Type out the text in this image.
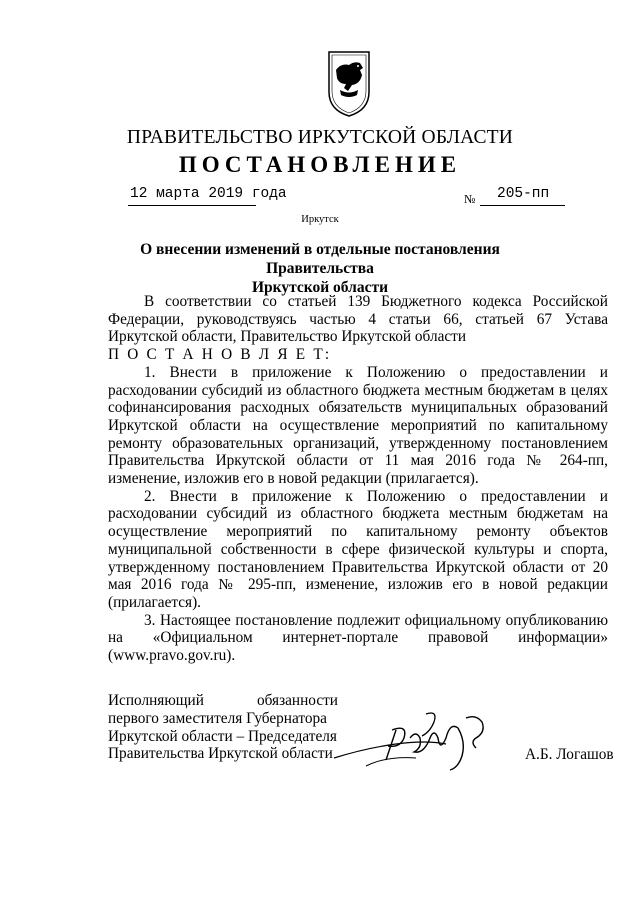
ПРАВИТЕЛЬСТВО ИРКУТСКОЙ ОБЛАСТИ
ПОСТАНОВЛЕНИЕ
12 марта 2019 года	№ 205-пп
Иркутск
О внесении изменений в отдельные постановления Правительства
Иркутской области

В соответствии со статьей 139 Бюджетного кодекса Российской Федерации, руководствуясь частью 4 статьи 66, статьей 67 Устава Иркутской области, Правительство Иркутской области

П О С Т А Н О В Л Я Е Т:

1. Внести в приложение к Положению о предоставлении и расходовании субсидий из областного бюджета местным бюджетам в целях софинансирования расходных обязательств муниципальных образований Иркутской области на осуществление мероприятий по капитальному ремонту образовательных организаций, утвержденному постановлением Правительства Иркутской области от 11 мая 2016 года № 264-пп, изменение, изложив его в новой редакции (прилагается).

2. Внести в приложение к Положению о предоставлении и расходовании субсидий из областного бюджета местным бюджетам на осуществление мероприятий по капитальному ремонту объектов муниципальной собственности в сфере физической культуры и спорта, утвержденному постановлением Правительства Иркутской области от 20 мая 2016 года № 295-пп, изменение, изложив его в новой редакции (прилагается).

3. Настоящее постановление подлежит официальному опубликованию на «Официальном интернет-портале правовой информации» (www.pravo.gov.ru).

Исполняющий обязанности
первого заместителя Губернатора
Иркутской области – Председателя
Правительства Иркутской области	А.Б. Логашов
